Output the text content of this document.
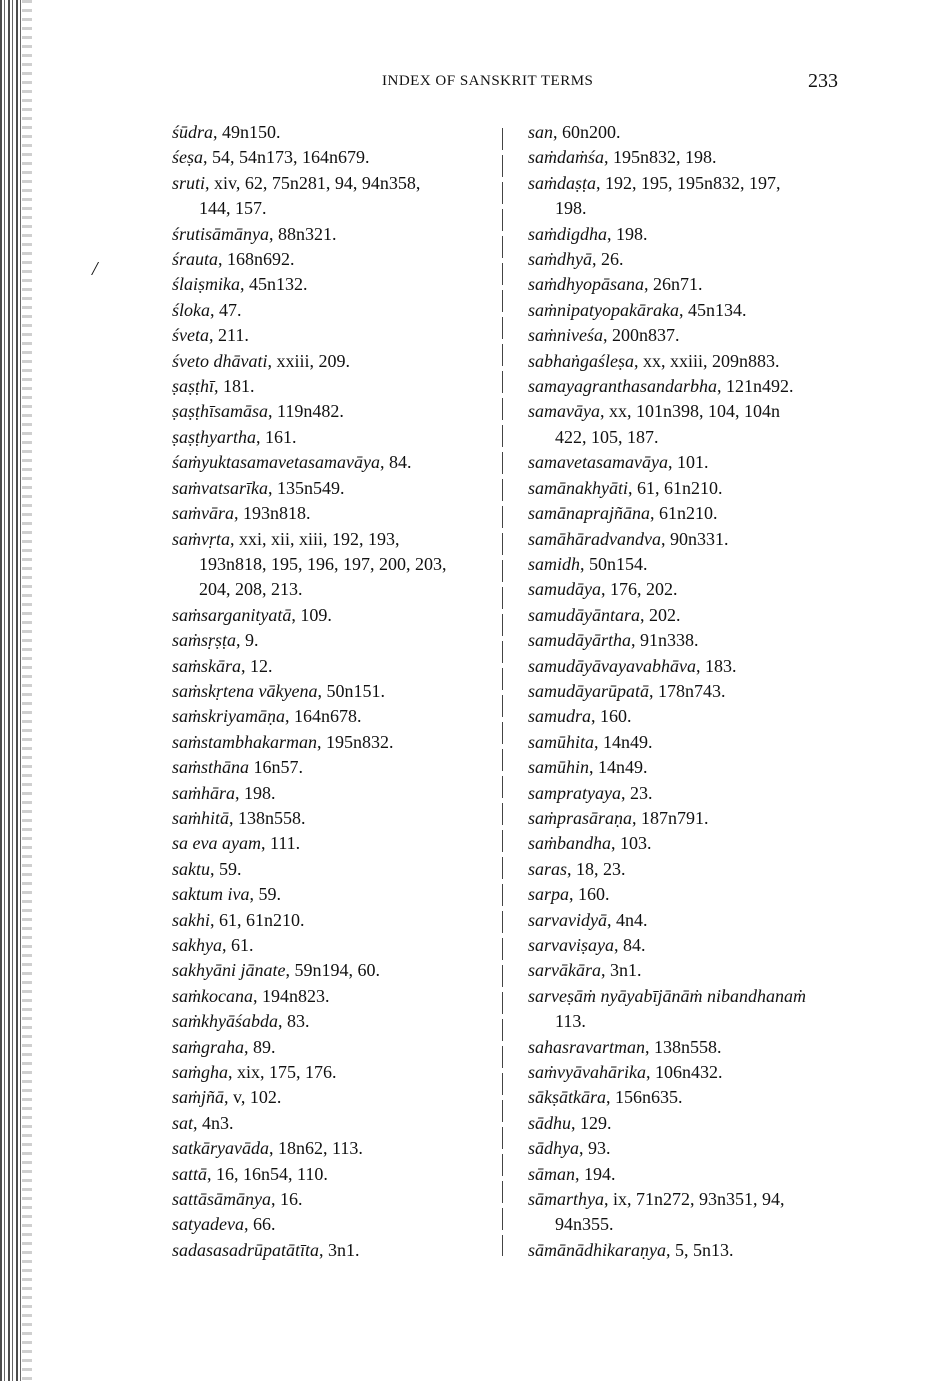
INDEX OF SANSKRIT TERMS	233
/
śūdra, 49n150.
śeṣa, 54, 54n173, 164n679.
sruti, xiv, 62, 75n281, 94, 94n358,
144, 157.
śrutisāmānya, 88n321.
śrauta, 168n692.
ślaiṣmika, 45n132.
śloka, 47.
śveta, 211.
śveto dhāvati, xxiii, 209.
ṣaṣṭhī, 181.
ṣaṣṭhīsamāsa, 119n482.
ṣaṣṭhyartha, 161.
śaṁyuktasamavetasamavāya, 84.
saṁvatsarīka, 135n549.
saṁvāra, 193n818.
saṁvṛta, xxi, xii, xiii, 192, 193,
193n818, 195, 196, 197, 200, 203,
204, 208, 213.
saṁsarganityatā, 109.
saṁsṛṣṭa, 9.
saṁskāra, 12.
saṁskṛtena vākyena, 50n151.
saṁskriyamāṇa, 164n678.
saṁstambhakarman, 195n832.
saṁsthāna 16n57.
saṁhāra, 198.
saṁhitā, 138n558.
sa eva ayam, 111.
saktu, 59.
saktum iva, 59.
sakhi, 61, 61n210.
sakhya, 61.
sakhyāni jānate, 59n194, 60.
saṁkocana, 194n823.
saṁkhyāśabda, 83.
saṁgraha, 89.
saṁgha, xix, 175, 176.
saṁjñā, v, 102.
sat, 4n3.
satkāryavāda, 18n62, 113.
sattā, 16, 16n54, 110.
sattāsāmānya, 16.
satyadeva, 66.
sadasasadrūpatātīta, 3n1.
san, 60n200.
saṁdaṁśa, 195n832, 198.
saṁdaṣṭa, 192, 195, 195n832, 197,
198.
saṁdigdha, 198.
saṁdhyā, 26.
saṁdhyopāsana, 26n71.
saṁnipatyopakāraka, 45n134.
saṁniveśa, 200n837.
sabhaṅgaśleṣa, xx, xxiii, 209n883.
samayagranthasandarbha, 121n492.
samavāya, xx, 101n398, 104, 104n
422, 105, 187.
samavetasamavāya, 101.
samānakhyāti, 61, 61n210.
samānaprajñāna, 61n210.
samāhāradvandva, 90n331.
samidh, 50n154.
samudāya, 176, 202.
samudāyāntara, 202.
samudāyārtha, 91n338.
samudāyāvayavabhāva, 183.
samudāyarūpatā, 178n743.
samudra, 160.
samūhita, 14n49.
samūhin, 14n49.
sampratyaya, 23.
saṁprasāraṇa, 187n791.
saṁbandha, 103.
saras, 18, 23.
sarpa, 160.
sarvavidyā, 4n4.
sarvaviṣaya, 84.
sarvākāra, 3n1.
sarveṣāṁ nyāyabījānāṁ nibandhanaṁ
113.
sahasravartman, 138n558.
saṁvyāvahārika, 106n432.
sākṣātkāra, 156n635.
sādhu, 129.
sādhya, 93.
sāman, 194.
sāmarthya, ix, 71n272, 93n351, 94,
94n355.
sāmānādhikaraṇya, 5, 5n13.
